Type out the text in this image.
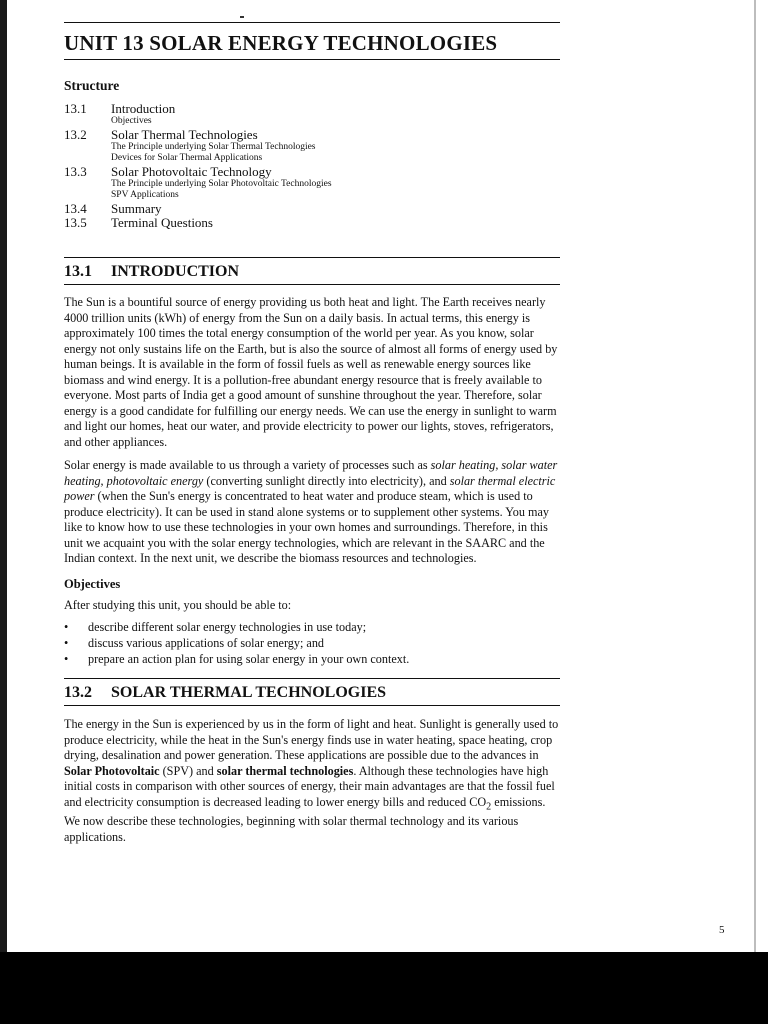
UNIT 13 SOLAR ENERGY TECHNOLOGIES
Structure
13.1	Introduction
Objectives
13.2	Solar Thermal Technologies
The Principle underlying Solar Thermal Technologies
Devices for Solar Thermal Applications
13.3	Solar Photovoltaic Technology
The Principle underlying Solar Photovoltaic Technologies
SPV Applications
13.4	Summary
13.5	Terminal Questions
13.1 INTRODUCTION

The Sun is a bountiful source of energy providing us both heat and light. The Earth receives nearly 4000 trillion units (kWh) of energy from the Sun on a daily basis. In actual terms, this energy is approximately 100 times the total energy consumption of the world per year. As you know, solar energy not only sustains life on the Earth, but is also the source of almost all forms of energy used by human beings. It is available in the form of fossil fuels as well as renewable energy sources like biomass and wind energy. It is a pollution-free abundant energy resource that is freely available to everyone. Most parts of India get a good amount of sunshine throughout the year. Therefore, solar energy is a good candidate for fulfilling our energy needs. We can use the energy in sunlight to warm and light our homes, heat our water, and provide electricity to power our lights, stoves, refrigerators, and other appliances.

Solar energy is made available to us through a variety of processes such as solar heating, solar water heating, photovoltaic energy (converting sunlight directly into electricity), and solar thermal electric power (when the Sun's energy is concentrated to heat water and produce steam, which is used to produce electricity). It can be used in stand alone systems or to supplement other systems. You may like to know how to use these technologies in your own homes and surroundings. Therefore, in this unit we acquaint you with the solar energy technologies, which are relevant in the SAARC and the Indian context. In the next unit, we describe the biomass resources and technologies.

Objectives

After studying this unit, you should be able to:

•	describe different solar energy technologies in use today;
•	discuss various applications of solar energy; and
•	prepare an action plan for using solar energy in your own context.
13.2 SOLAR THERMAL TECHNOLOGIES

The energy in the Sun is experienced by us in the form of light and heat. Sunlight is generally used to produce electricity, while the heat in the Sun's energy finds use in water heating, space heating, crop drying, desalination and power generation. These applications are possible due to the advances in Solar Photovoltaic (SPV) and solar thermal technologies. Although these technologies have high initial costs in comparison with other sources of energy, their main advantages are that the fossil fuel and electricity consumption is decreased leading to lower energy bills and reduced $CO_2$ emissions. We now describe these technologies, beginning with solar thermal technology and its various applications.

5
